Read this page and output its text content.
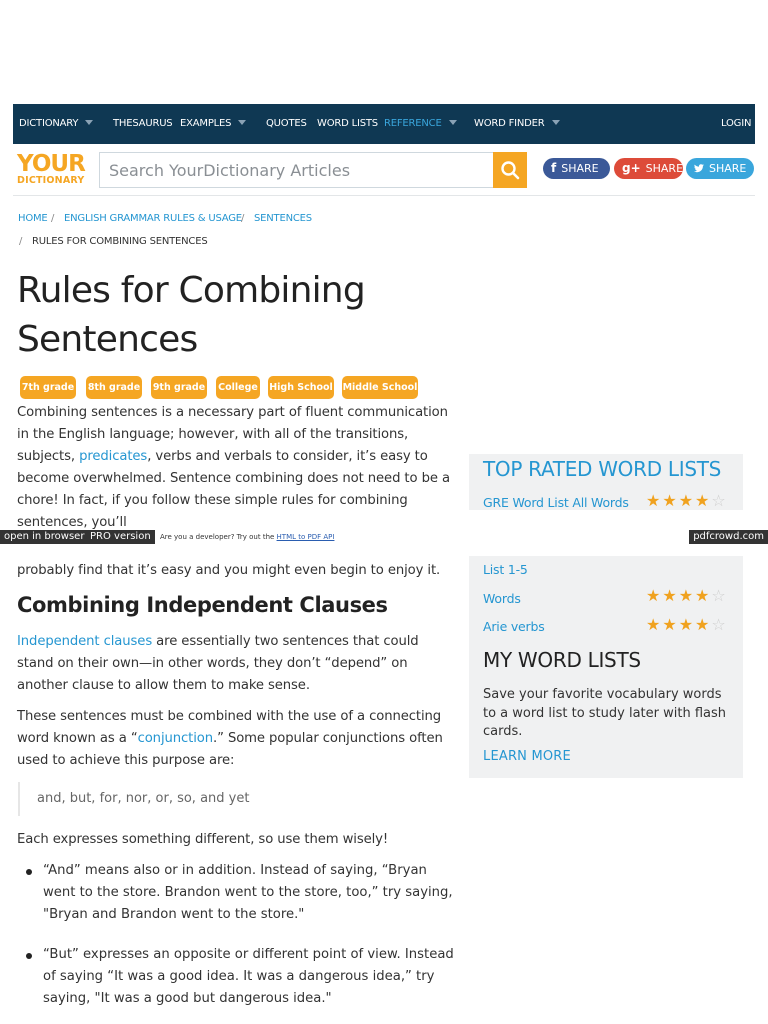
DICTIONARY	THESAURUS EXAMPLES	QUOTES WORD LISTS REFERENCE	WORD FINDER	LOGIN
YOUR
DICTIONARY
Search YourDictionary Articles
f SHARE	g+ SHARE	SHARE
HOME / ENGLISH GRAMMAR RULES & USAGE / SENTENCES
/ RULES FOR COMBINING SENTENCES
Rules for Combining Sentences
7th grade 8th grade 9th grade College High School Middle School

Combining sentences is a necessary part of fluent communication in the English language; however, with all of the transitions, subjects, predicates, verbs and verbals to consider, it’s easy to become overwhelmed. Sentence combining does not need to be a chore! In fact, if you follow these simple rules for combining sentences, you’ll

open in browser PRO version	Are you a developer? Try out the HTML to PDF API	pdfcrowd.com

probably find that it’s easy and you might even begin to enjoy it.

Combining Independent Clauses

Independent clauses are essentially two sentences that could stand on their own—in other words, they don’t “depend” on another clause to allow them to make sense.

These sentences must be combined with the use of a connecting word known as a “conjunction.” Some popular conjunctions often used to achieve this purpose are:

and, but, for, nor, or, so, and yet

Each expresses something different, so use them wisely!

“And” means also or in addition. Instead of saying, “Bryan went to the store. Brandon went to the store, too,” try saying, "Bryan and Brandon went to the store."

“But” expresses an opposite or different point of view. Instead of saying “It was a good idea. It was a dangerous idea,” try saying, "It was a good but dangerous idea."

TOP RATED WORD LISTS
GRE Word List All Words ★★★★☆
List 1-5
Words	★★★★☆
Arie verbs	★★★★☆
MY WORD LISTS

Save your favorite vocabulary words to a word list to study later with flash cards.

LEARN MORE
